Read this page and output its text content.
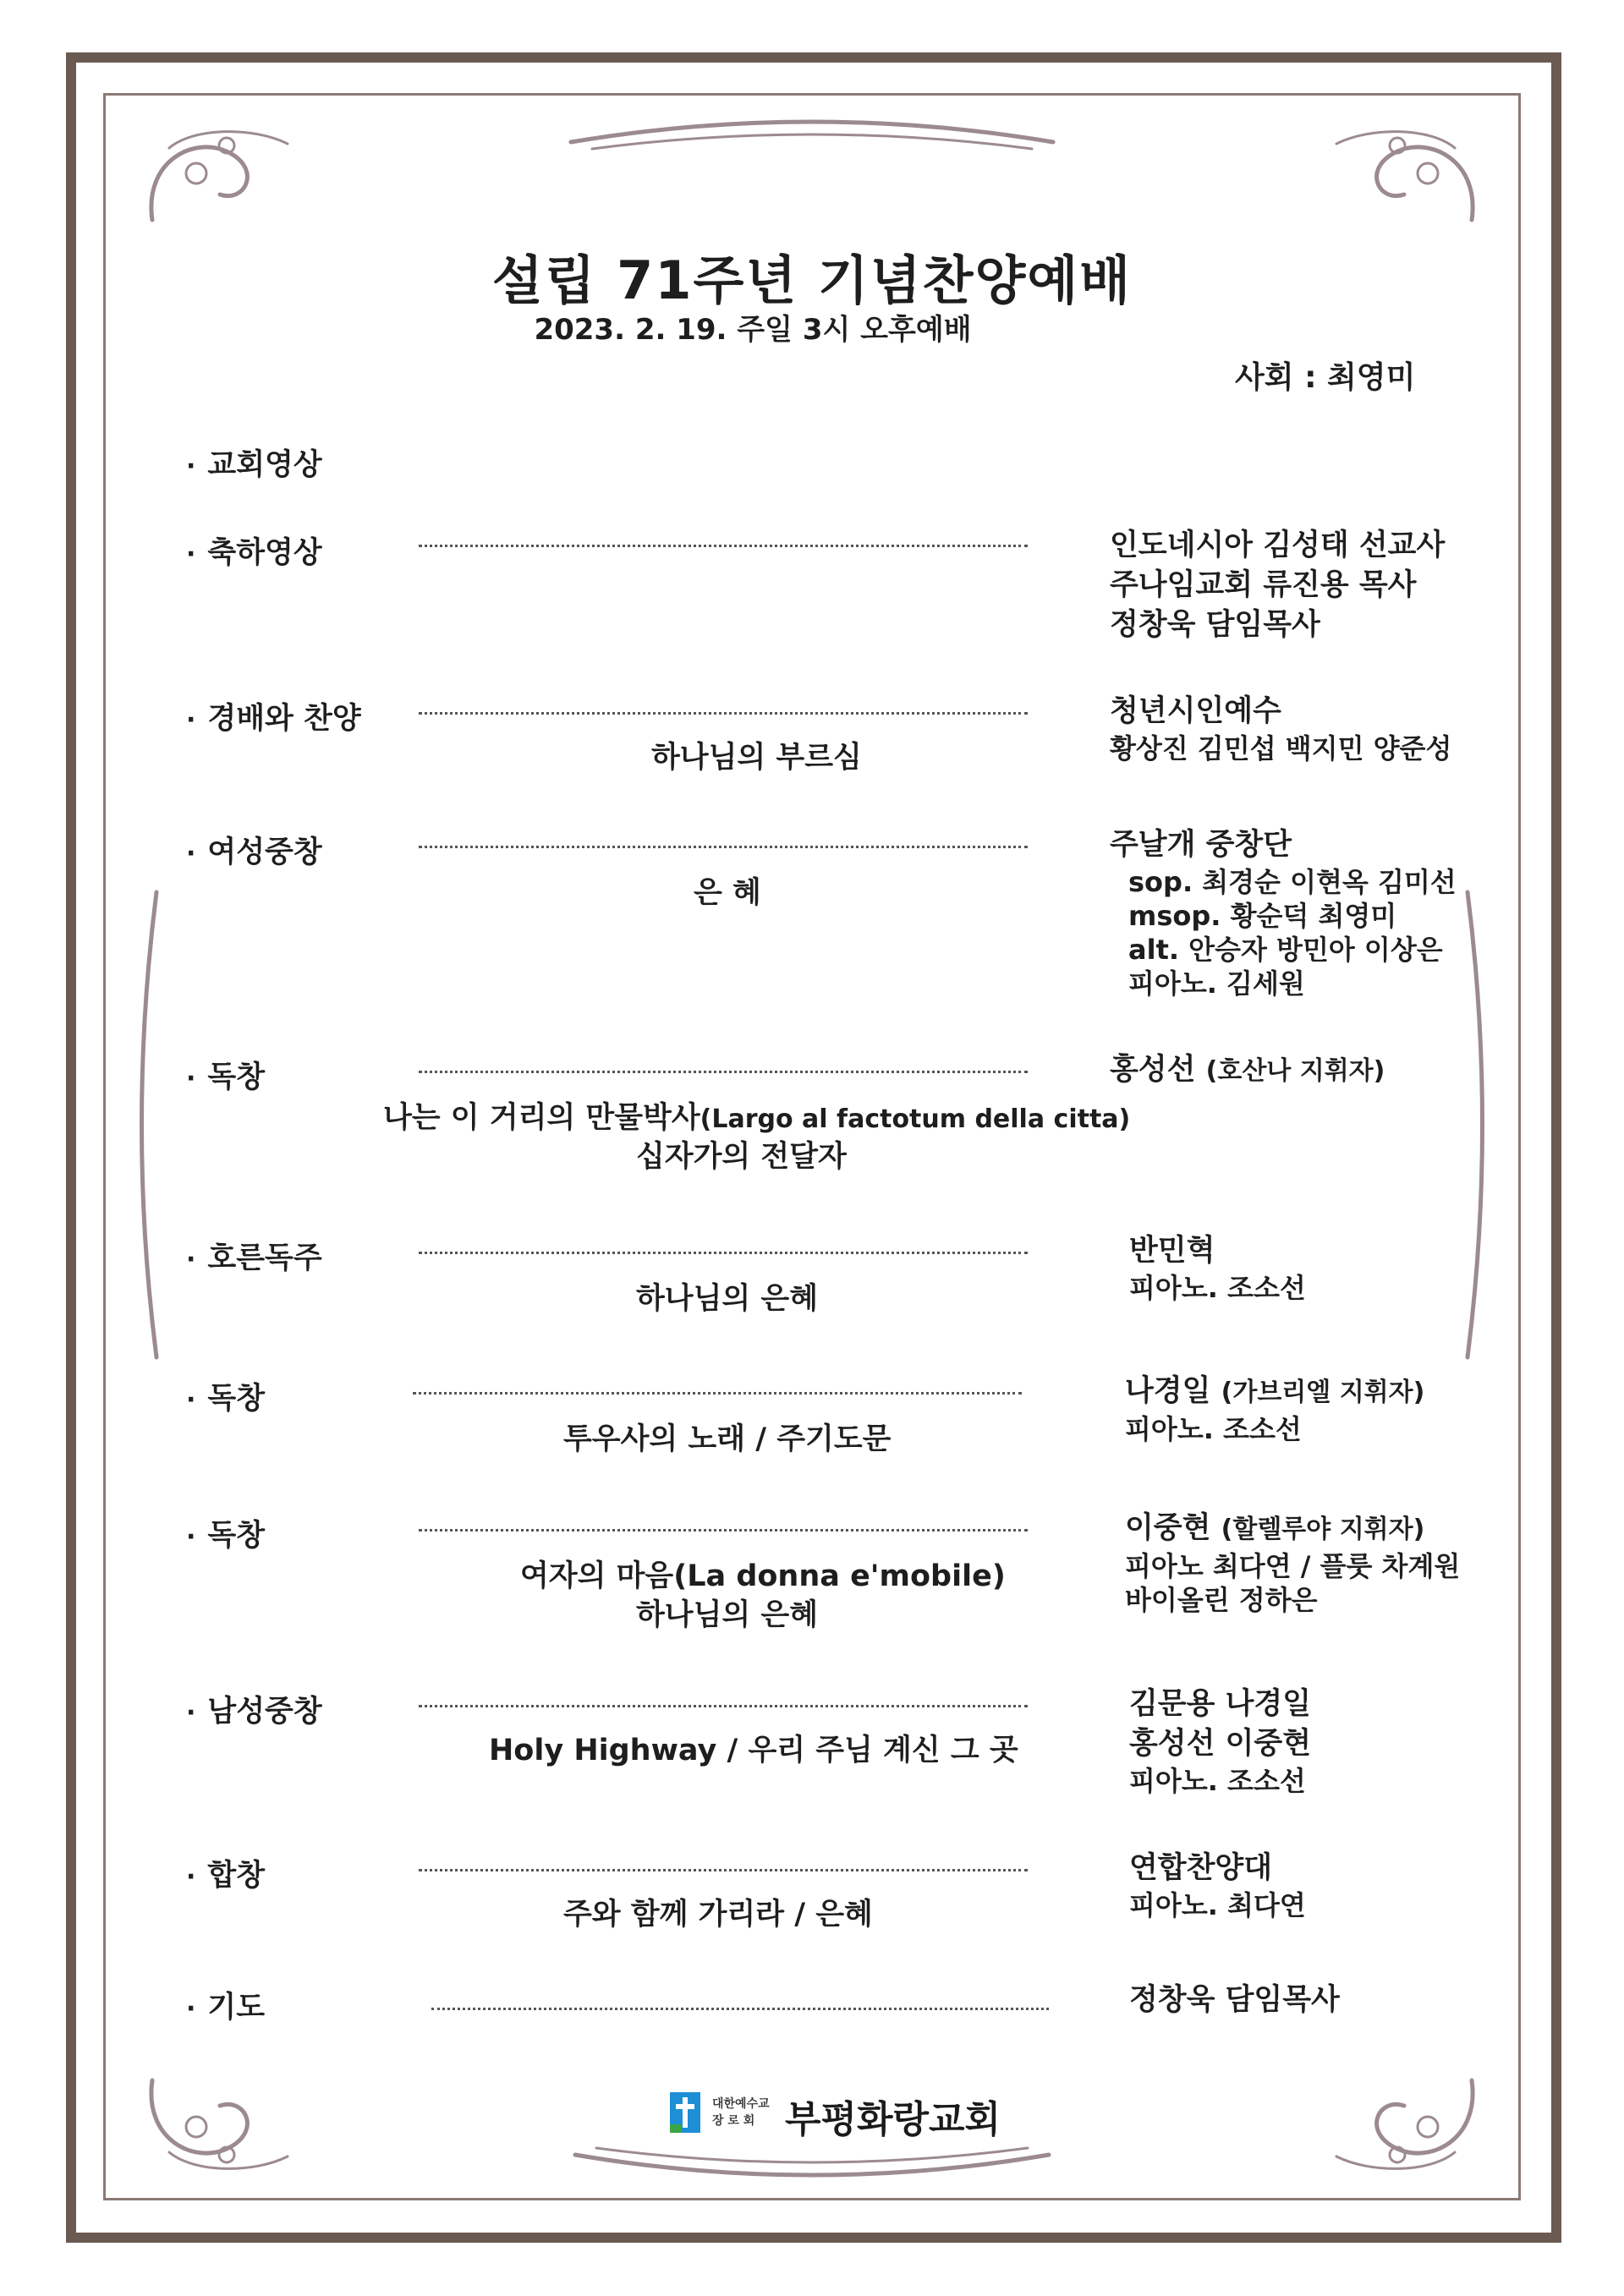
설립 71주년 기념찬양예배
2023. 2. 19. 주일 3시 오후예배
사회 : 최영미
· 교회영상
· 축하영상	인도네시아 김성태 선교사
주나임교회 류진용 목사
정창욱 담임목사
· 경배와 찬양
하나님의 부르심
청년시인예수
황상진 김민섭 백지민 양준성
· 여성중창
은 혜
주날개 중창단
sop. 최경순 이현옥 김미선
msop. 황순덕 최영미
alt. 안승자 방민아 이상은
피아노. 김세원
· 독창
나는 이 거리의 만물박사(Largo al factotum della citta)
십자가의 전달자
홍성선 (호산나 지휘자)
· 호른독주
하나님의 은혜
반민혁
피아노. 조소선
· 독창
투우사의 노래 / 주기도문
나경일 (가브리엘 지휘자)
피아노. 조소선
· 독창
여자의 마음(La donna e'mobile)
하나님의 은혜
이중현 (할렐루야 지휘자)
피아노 최다연 / 플룻 차계원
바이올린 정하은
· 남성중창
Holy Highway / 우리 주님 계신 그 곳
김문용 나경일
홍성선 이중현
피아노. 조소선
· 합창
주와 함께 가리라 / 은혜
연합찬양대
피아노. 최다연
· 기도	정창욱 담임목사
대한예수교
장 로 회 부평화랑교회
